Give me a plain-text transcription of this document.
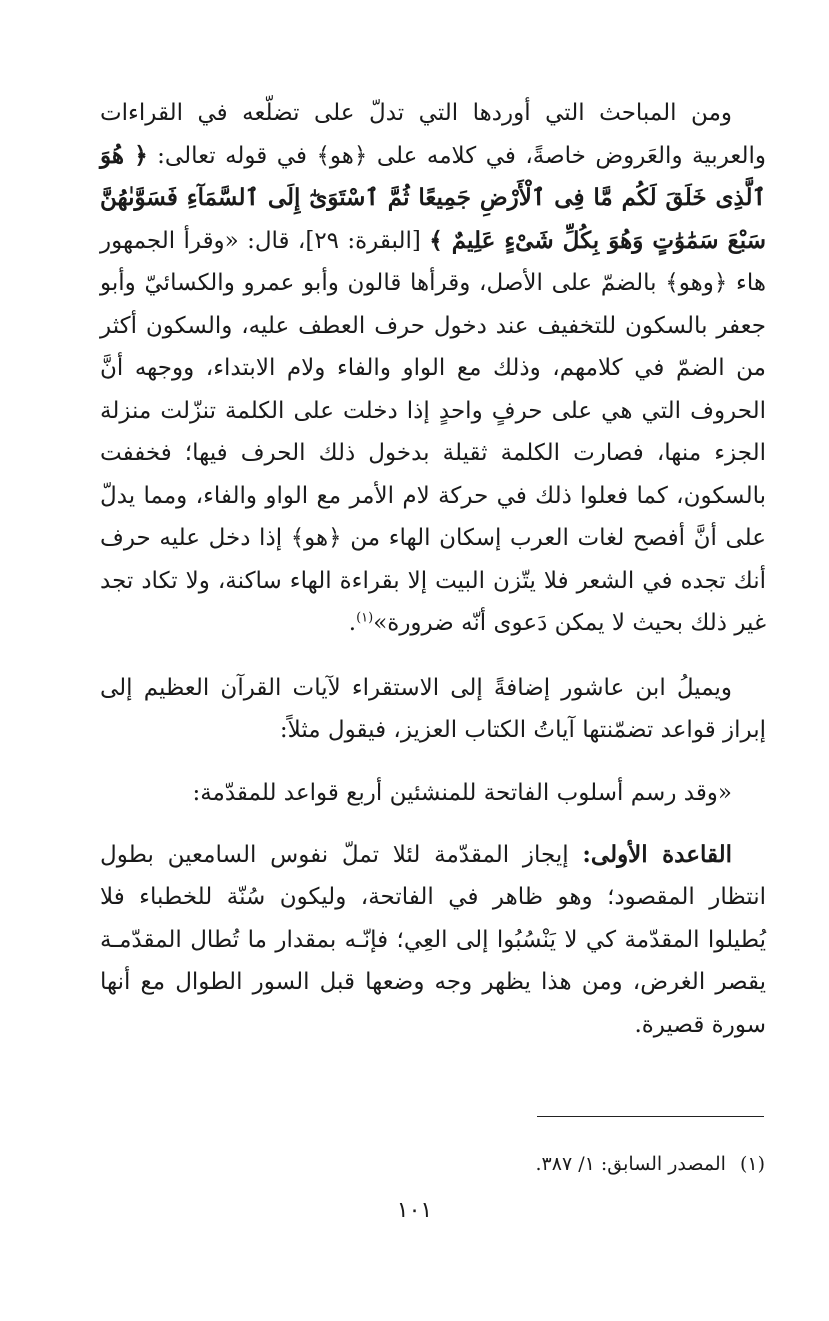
ومن المباحث التي أوردها التي تدلّ على تضلّعه في القراءات والعربية والعَروض خاصةً، في كلامه على ﴿هو﴾ في قوله تعالى: ﴿ هُوَ ٱلَّذِى خَلَقَ لَكُم مَّا فِى ٱلْأَرْضِ جَمِيعًا ثُمَّ ٱسْتَوَىٰٓ إِلَى ٱلسَّمَآءِ فَسَوَّىٰهُنَّ سَبْعَ سَمَٰوَٰتٍ وَهُوَ بِكُلِّ شَىْءٍ عَلِيمٌ ﴾ [البقرة: ٢٩]، قال: «وقرأ الجمهور هاء ﴿وهو﴾ بالضمّ على الأصل، وقرأها قالون وأبو عمرو والكسائيّ وأبو جعفر بالسكون للتخفيف عند دخول حرف العطف عليه، والسكون أكثر من الضمّ في كلامهم، وذلك مع الواو والفاء ولام الابتداء، ووجهه أنَّ الحروف التي هي على حرفٍ واحدٍ إذا دخلت على الكلمة تنزّلت منزلة الجزء منها، فصارت الكلمة ثقيلة بدخول ذلك الحرف فيها؛ فخففت بالسكون، كما فعلوا ذلك في حركة لام الأمر مع الواو والفاء، ومما يدلّ على أنَّ أفصح لغات العرب إسكان الهاء من ﴿هو﴾ إذا دخل عليه حرف أنك تجده في الشعر فلا يتّزن البيت إلا بقراءة الهاء ساكنة، ولا تكاد تجد غير ذلك بحيث لا يمكن دَعوى أنّه ضرورة»$^{(١)}$.

ويميلُ ابن عاشور إضافةً إلى الاستقراء لآيات القرآن العظيم إلى إبراز قواعد تضمّنتها آياتُ الكتاب العزيز، فيقول مثلاً:

«وقد رسم أسلوب الفاتحة للمنشئين أربع قواعد للمقدّمة:

القاعدة الأولى: إيجاز المقدّمة لئلا تملّ نفوس السامعين بطول انتظار المقصود؛ وهو ظاهر في الفاتحة، وليكون سُنّة للخطباء فلا يُطيلوا المقدّمة كي لا يَنْسُبُوا إلى العِي؛ فإنّـه بمقدار ما تُطال المقدّمـة يقصر الغرض، ومن هذا يظهر وجه وضعها قبل السور الطوال مع أنها سورة قصيرة.

(١)المصدر السابق: ١/ ٣٨٧.
١٠١
